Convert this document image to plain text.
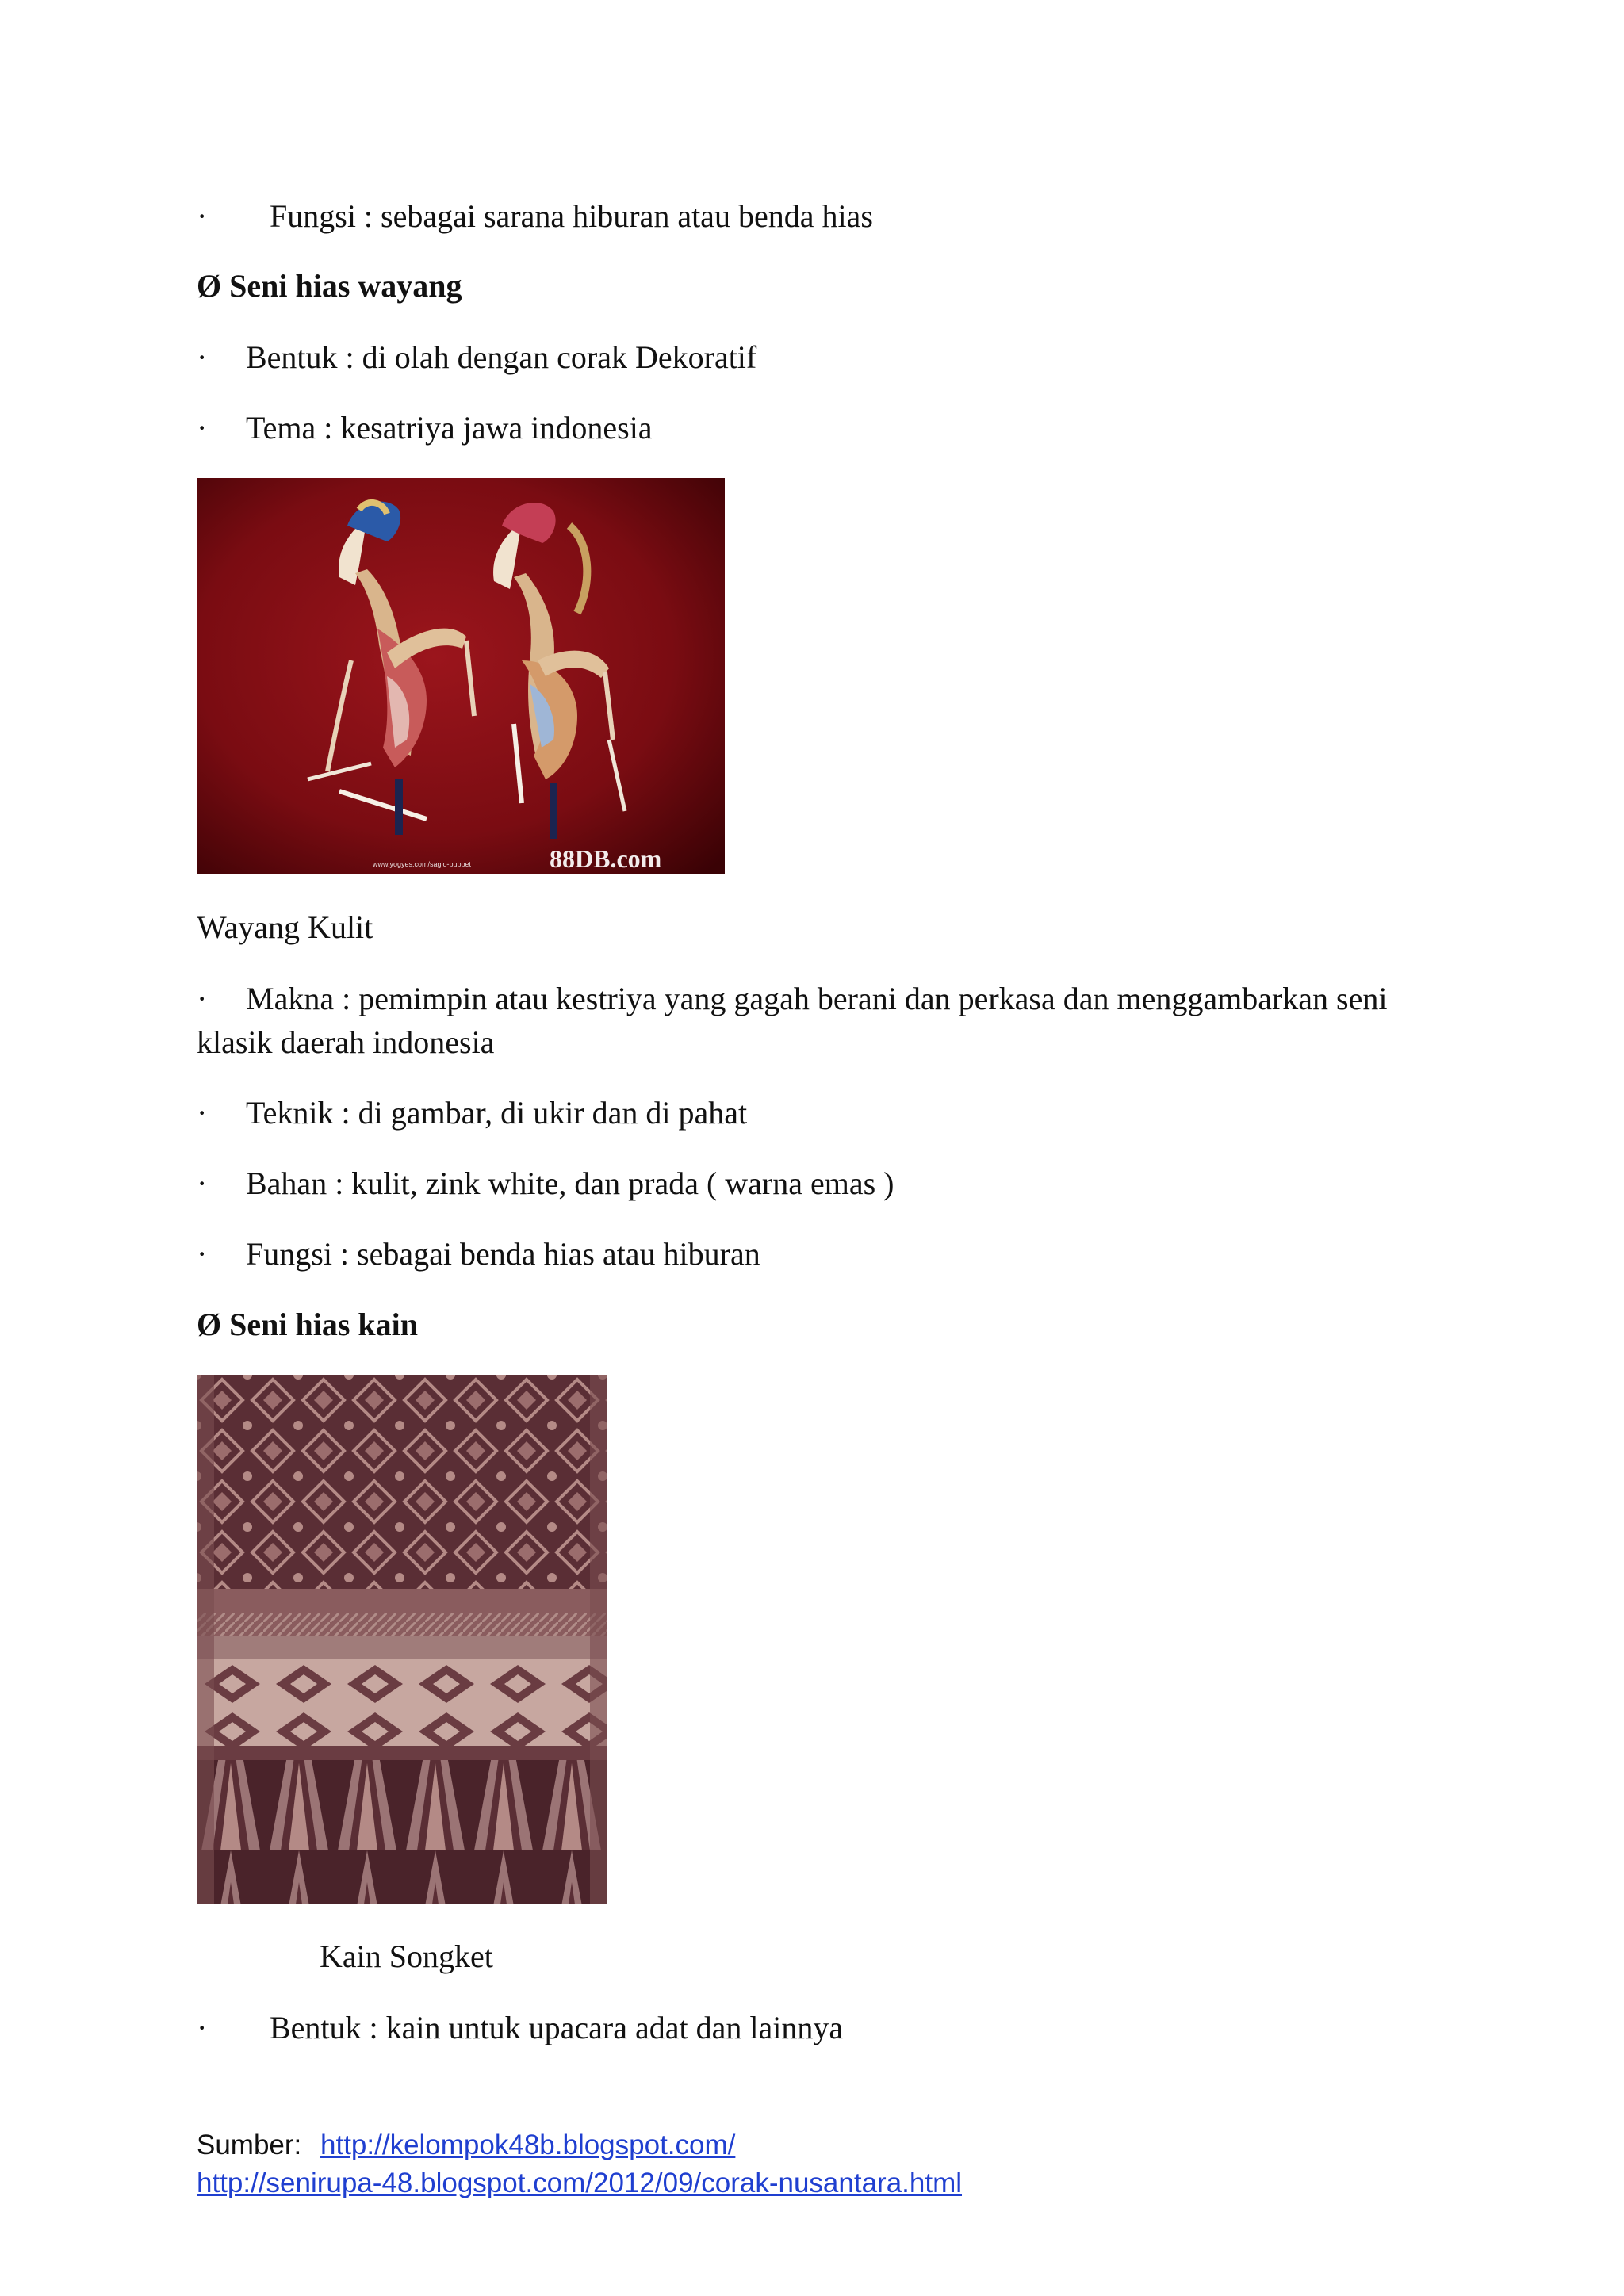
· Fungsi : sebagai sarana hiburan atau benda hias
Ø Seni hias wayang
· Bentuk : di olah dengan corak Dekoratif
· Tema : kesatriya jawa indonesia
www.yogyes.com/sagio-puppet	88DB.com
Wayang Kulit
· Makna : pemimpin atau kestriya yang gagah berani dan perkasa dan menggambarkan seni
klasik daerah indonesia
· Teknik : di gambar, di ukir dan di pahat
· Bahan : kulit, zink white, dan prada ( warna emas )
· Fungsi : sebagai benda hias atau hiburan
Ø Seni hias kain
Kain Songket
· Bentuk : kain untuk upacara adat dan lainnya
Sumber: http://kelompok48b.blogspot.com/
http://senirupa-48.blogspot.com/2012/09/corak-nusantara.html
